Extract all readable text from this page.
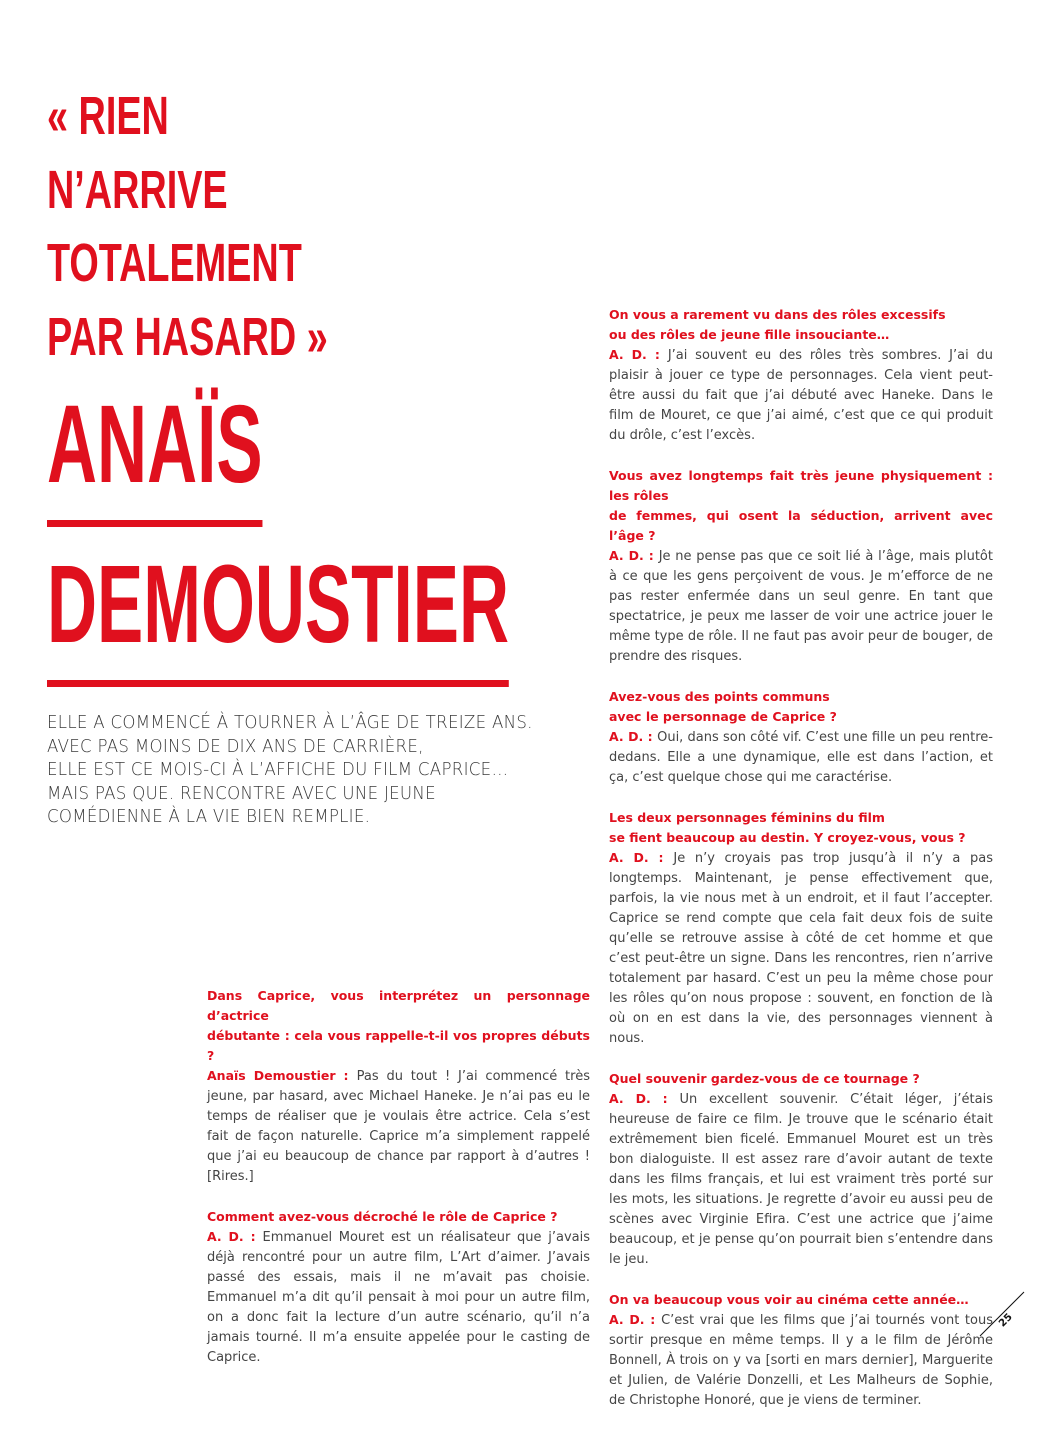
« RIEN
N’ARRIVE
TOTALEMENT
PAR HASARD »
ANAÏS
DEMOUSTIER
ELLE A COMMENCÉ À TOURNER À L’ÂGE DE TREIZE ANS.
AVEC PAS MOINS DE DIX ANS DE CARRIÈRE,
ELLE EST CE MOIS-CI À L’AFFICHE DU FILM CAPRICE…
MAIS PAS QUE. RENCONTRE AVEC UNE JEUNE
COMÉDIENNE À LA VIE BIEN REMPLIE.
Dans Caprice, vous interprétez un personnage d’actrice
débutante : cela vous rappelle-t-il vos propres débuts ?
Anaïs Demoustier : Pas du tout ! J’ai commencé très jeune, par hasard, avec Michael Haneke. Je n’ai pas eu le temps de réaliser que je voulais être actrice. Cela s’est fait de façon naturelle. Caprice m’a simplement rappelé que j’ai eu beaucoup de chance par rapport à d’autres ! [Rires.]
Comment avez-vous décroché le rôle de Caprice ?
A. D. : Emmanuel Mouret est un réalisateur que j’avais déjà rencontré pour un autre film, L’Art d’aimer. J’avais passé des essais, mais il ne m’avait pas choisie. Emmanuel m’a dit qu’il pensait à moi pour un autre film, on a donc fait la lecture d’un autre scénario, qu’il n’a jamais tourné. Il m’a ensuite appelée pour le casting de Caprice.
On vous a rarement vu dans des rôles excessifs
ou des rôles de jeune fille insouciante…
A. D. : J’ai souvent eu des rôles très sombres. J’ai du plaisir à jouer ce type de personnages. Cela vient peut-être aussi du fait que j’ai débuté avec Haneke. Dans le film de Mouret, ce que j’ai aimé, c’est que ce qui produit du drôle, c’est l’excès.
Vous avez longtemps fait très jeune physiquement : les rôles
de femmes, qui osent la séduction, arrivent avec l’âge ?
A. D. : Je ne pense pas que ce soit lié à l’âge, mais plutôt à ce que les gens perçoivent de vous. Je m’efforce de ne pas rester enfermée dans un seul genre. En tant que spectatrice, je peux me lasser de voir une actrice jouer le même type de rôle. Il ne faut pas avoir peur de bouger, de prendre des risques.
Avez-vous des points communs
avec le personnage de Caprice ?
A. D. : Oui, dans son côté vif. C’est une fille un peu rentre-dedans. Elle a une dynamique, elle est dans l’action, et ça, c’est quelque chose qui me caractérise.
Les deux personnages féminins du film
se fient beaucoup au destin. Y croyez-vous, vous ?
A. D. : Je n’y croyais pas trop jusqu’à il n’y a pas longtemps. Maintenant, je pense effectivement que, parfois, la vie nous met à un endroit, et il faut l’accepter. Caprice se rend compte que cela fait deux fois de suite qu’elle se retrouve assise à côté de cet homme et que c’est peut-être un signe. Dans les rencontres, rien n’arrive totalement par hasard. C’est un peu la même chose pour les rôles qu’on nous propose : souvent, en fonction de là où on en est dans la vie, des personnages viennent à nous.
Quel souvenir gardez-vous de ce tournage ?
A. D. : Un excellent souvenir. C’était léger, j’étais heureuse de faire ce film. Je trouve que le scénario était extrêmement bien ficelé. Emmanuel Mouret est un très bon dialoguiste. Il est assez rare d’avoir autant de texte dans les films français, et lui est vraiment très porté sur les mots, les situations. Je regrette d’avoir eu aussi peu de scènes avec Virginie Efira. C’est une actrice que j’aime beaucoup, et je pense qu’on pourrait bien s’entendre dans le jeu.
On va beaucoup vous voir au cinéma cette année…
A. D. : C’est vrai que les films que j’ai tournés vont tous sortir presque en même temps. Il y a le film de Jérôme Bonnell, À trois on y va [sorti en mars dernier], Marguerite et Julien, de Valérie Donzelli, et Les Malheurs de Sophie, de Christophe Honoré, que je viens de terminer.
25
